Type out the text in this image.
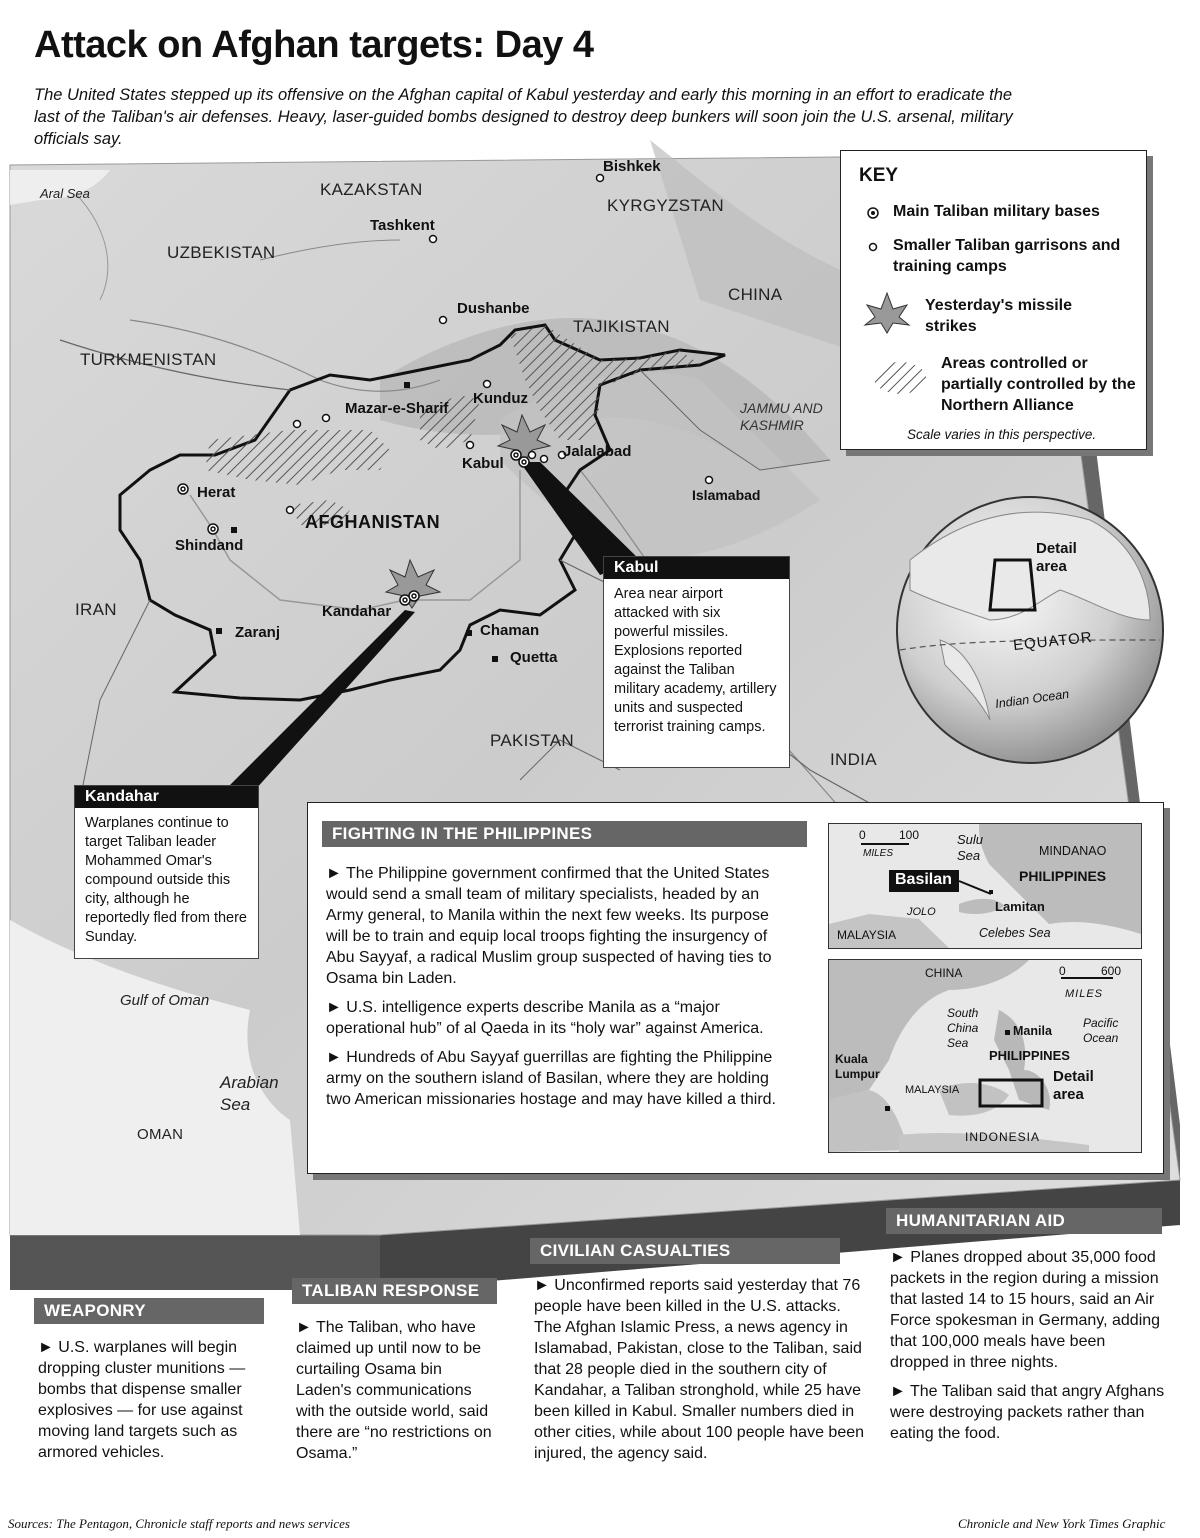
Attack on Afghan targets: Day 4
The United States stepped up its offensive on the Afghan capital of Kabul yesterday and early this morning in an effort to eradicate the last of the Taliban's air defenses. Heavy, laser-guided bombs designed to destroy deep bunkers will soon join the U.S. arsenal, military officials say.
Aral Sea	KAZAKSTAN
KYRGYZSTAN
UZBEKISTAN
CHINA
TAJIKISTAN
TURKMENISTAN
AFGHANISTAN
IRAN
PAKISTAN
INDIA
OMAN
JAMMU AND KASHMIR
Gulf of Oman
Arabian Sea
Bishkek
Tashkent
Dushanbe
Kunduz
Mazar-e-Sharif
Jalalabad
Kabul
Islamabad
Herat
Shindand
Kandahar
Zaranj	Chaman
Quetta
KEY
Main Taliban military bases
Smaller Taliban garrisons and training camps
Yesterday's missile strikes
Areas controlled or partially controlled by the Northern Alliance
Scale varies in this perspective.
Detail area
EQUATOR
Indian Ocean
Kabul
Area near airport attacked with six powerful missiles. Explosions reported against the Taliban military academy, artillery units and suspected terrorist training camps.
Kandahar
Warplanes continue to target Taliban leader Mohammed Omar's compound outside this city, although he reportedly fled from there Sunday.
FIGHTING IN THE PHILIPPINES

► The Philippine government confirmed that the United States would send a small team of military specialists, headed by an Army general, to Manila within the next few weeks. Its purpose will be to train and equip local troops fighting the insurgency of Abu Sayyaf, a radical Muslim group suspected of having ties to Osama bin Laden.

► U.S. intelligence experts describe Manila as a “major operational hub” of al Qaeda in its “holy war” against America.

► Hundreds of Abu Sayyaf guerrillas are fighting the Philippine army on the southern island of Basilan, where they are holding two American missionaries hostage and may have killed a third.

0	100
MILES
Sulu Sea	MINDANAO
PHILIPPINES
Basilan
Lamitan
JOLO
MALAYSIA	Celebes Sea
CHINA	0	600
MILES
South China Sea
Manila
Pacific Ocean
PHILIPPINES
Kuala Lumpur
MALAYSIA
Detail area
INDONESIA
WEAPONRY
► U.S. warplanes will begin dropping cluster munitions — bombs that dispense smaller explosives — for use against moving land targets such as armored vehicles.
TALIBAN RESPONSE
► The Taliban, who have claimed up until now to be curtailing Osama bin Laden's communications with the outside world, said there are “no restrictions on Osama.”
CIVILIAN CASUALTIES
► Unconfirmed reports said yesterday that 76 people have been killed in the U.S. attacks. The Afghan Islamic Press, a news agency in Islamabad, Pakistan, close to the Taliban, said that 28 people died in the southern city of Kandahar, a Taliban stronghold, while 25 have been killed in Kabul. Smaller numbers died in other cities, while about 100 people have been injured, the agency said.
HUMANITARIAN AID

► Planes dropped about 35,000 food packets in the region during a mission that lasted 14 to 15 hours, said an Air Force spokesman in Germany, adding that 100,000 meals have been dropped in three nights.

► The Taliban said that angry Afghans were destroying packets rather than eating the food.

Sources: The Pentagon, Chronicle staff reports and news services	Chronicle and New York Times Graphic
